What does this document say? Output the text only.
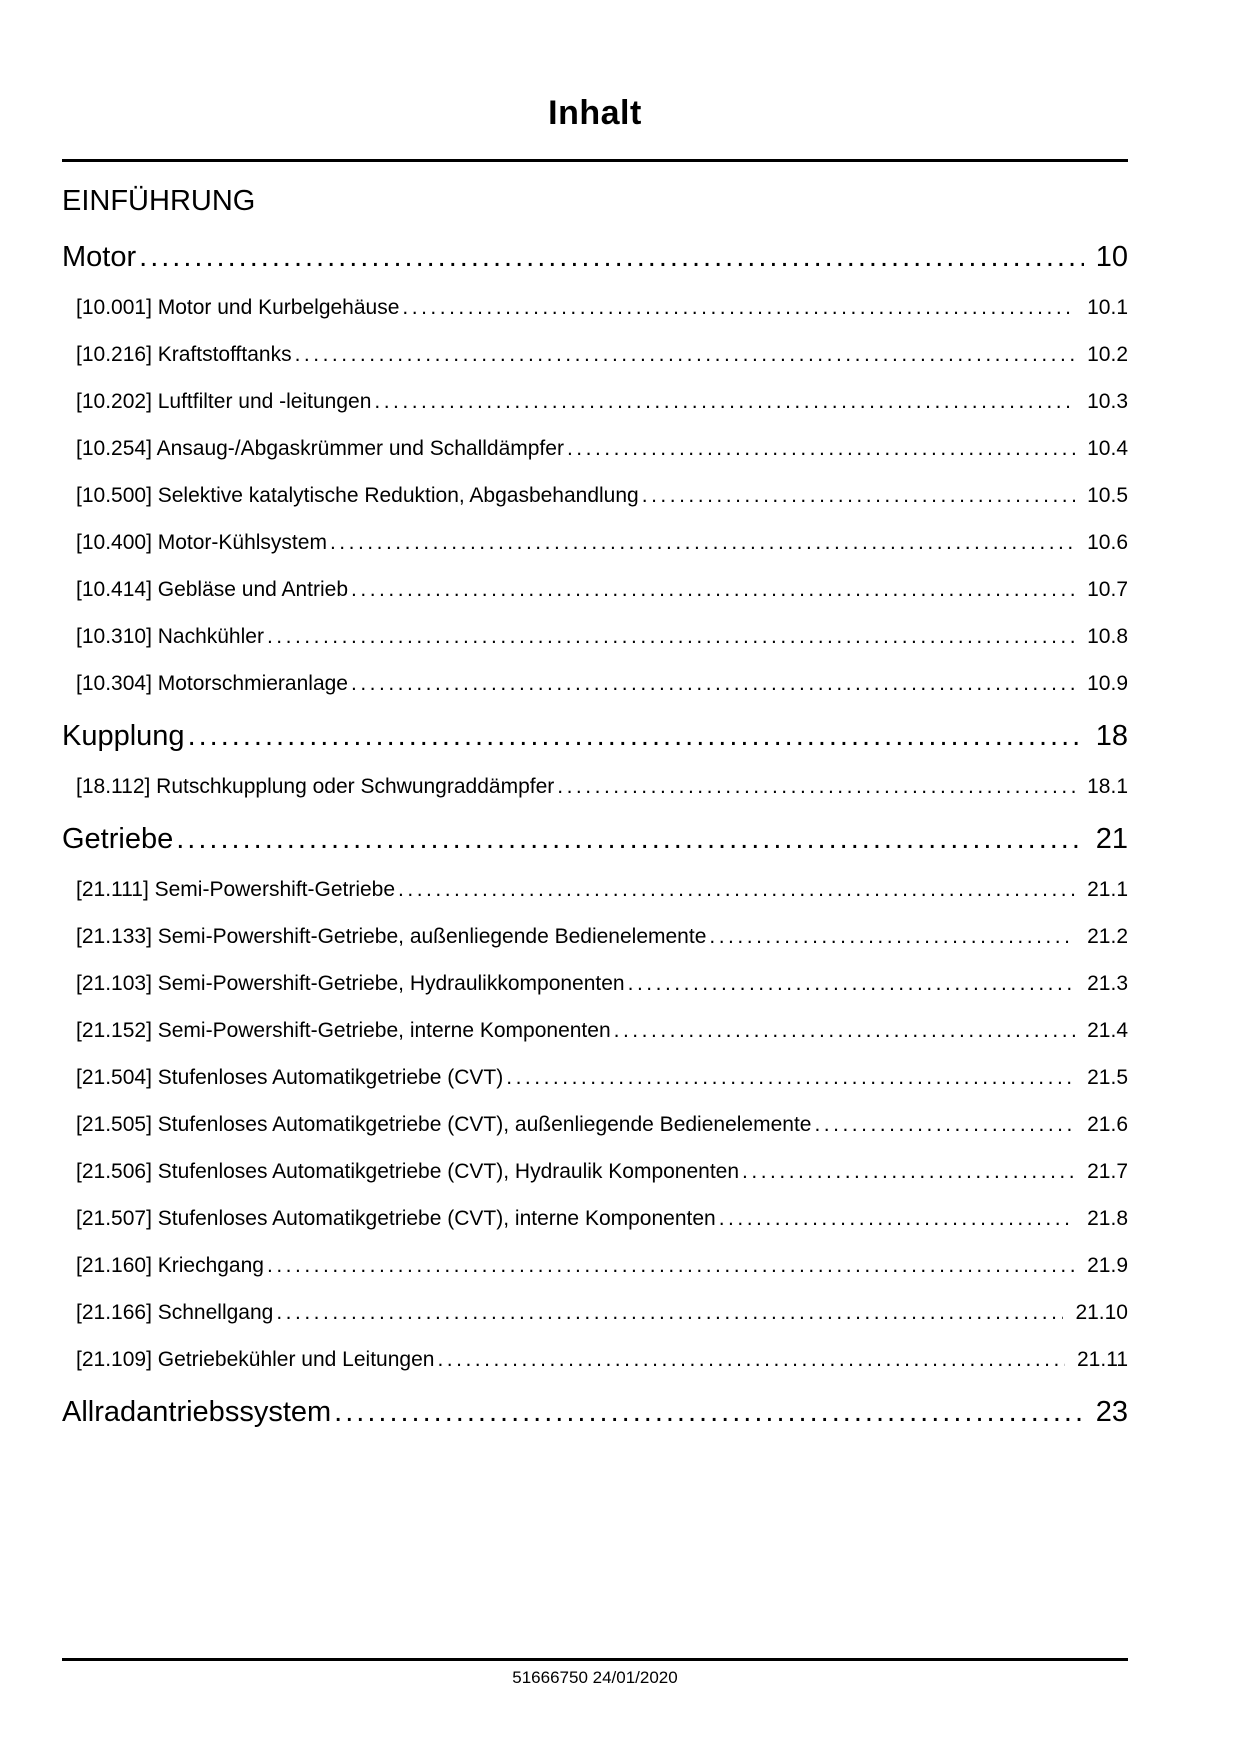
Inhalt
EINFÜHRUNG
Motor .....	10
[10.001] Motor und Kurbelgehäuse .....	10.1
[10.216] Kraftstofftanks .....	10.2
[10.202] Luftfilter und -leitungen .....	10.3
[10.254] Ansaug-/Abgaskrümmer und Schalldämpfer .....	10.4
[10.500] Selektive katalytische Reduktion, Abgasbehandlung .....	10.5
[10.400] Motor-Kühlsystem .....	10.6
[10.414] Gebläse und Antrieb .....	10.7
[10.310] Nachkühler .....	10.8
[10.304] Motorschmieranlage .....	10.9
Kupplung .....	18
[18.112] Rutschkupplung oder Schwungraddämpfer .....	18.1
Getriebe .....	21
[21.111] Semi-Powershift-Getriebe .....	21.1
[21.133] Semi-Powershift-Getriebe, außenliegende Bedienelemente .....	21.2
[21.103] Semi-Powershift-Getriebe, Hydraulikkomponenten .....	21.3
[21.152] Semi-Powershift-Getriebe, interne Komponenten .....	21.4
[21.504] Stufenloses Automatikgetriebe (CVT) .....	21.5
[21.505] Stufenloses Automatikgetriebe (CVT), außenliegende Bedienelemente .....	21.6
[21.506] Stufenloses Automatikgetriebe (CVT), Hydraulik Komponenten .....	21.7
[21.507] Stufenloses Automatikgetriebe (CVT), interne Komponenten .....	21.8
[21.160] Kriechgang .....	21.9
[21.166] Schnellgang .....	21.10
[21.109] Getriebekühler und Leitungen .....	21.11
Allradantriebssystem .....	23
51666750 24/01/2020
